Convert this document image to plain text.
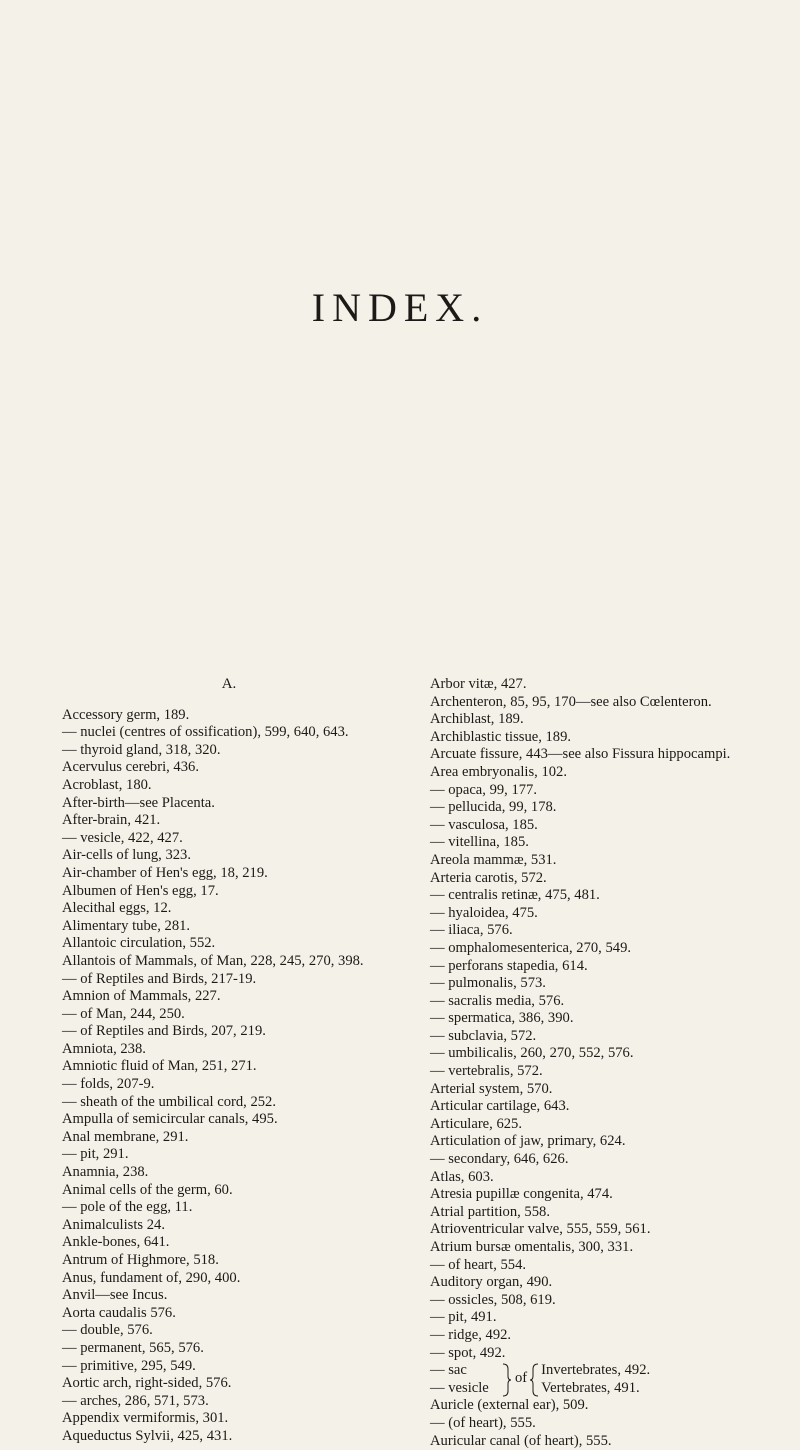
INDEX.

A.

Accessory germ, 189.

— nuclei (centres of ossification), 599, 640, 643.

— thyroid gland, 318, 320.

Acervulus cerebri, 436.

Acroblast, 180.

After-birth—see Placenta.

After-brain, 421.

— vesicle, 422, 427.

Air-cells of lung, 323.

Air-chamber of Hen's egg, 18, 219.

Albumen of Hen's egg, 17.

Alecithal eggs, 12.

Alimentary tube, 281.

Allantoic circulation, 552.

Allantois of Mammals, of Man, 228, 245, 270, 398.

— of Reptiles and Birds, 217-19.

Amnion of Mammals, 227.

— of Man, 244, 250.

— of Reptiles and Birds, 207, 219.

Amniota, 238.

Amniotic fluid of Man, 251, 271.

— folds, 207-9.

— sheath of the umbilical cord, 252.

Ampulla of semicircular canals, 495.

Anal membrane, 291.

— pit, 291.

Anamnia, 238.

Animal cells of the germ, 60.

— pole of the egg, 11.

Animalculists 24.

Ankle-bones, 641.

Antrum of Highmore, 518.

Anus, fundament of, 290, 400.

Anvil—see Incus.

Aorta caudalis 576.

— double, 576.

— permanent, 565, 576.

— primitive, 295, 549.

Aortic arch, right-sided, 576.

— arches, 286, 571, 573.

Appendix vermiformis, 301.

Aqueductus Sylvii, 425, 431.

Arbor vitæ, 427.

Archenteron, 85, 95, 170—see also Cœlenteron.

Archiblast, 189.

Archiblastic tissue, 189.

Arcuate fissure, 443—see also Fissura hippocampi.

Area embryonalis, 102.

— opaca, 99, 177.

— pellucida, 99, 178.

— vasculosa, 185.

— vitellina, 185.

Areola mammæ, 531.

Arteria carotis, 572.

— centralis retinæ, 475, 481.

— hyaloidea, 475.

— iliaca, 576.

— omphalomesenterica, 270, 549.

— perforans stapedia, 614.

— pulmonalis, 573.

— sacralis media, 576.

— spermatica, 386, 390.

— subclavia, 572.

— umbilicalis, 260, 270, 552, 576.

— vertebralis, 572.

Arterial system, 570.

Articular cartilage, 643.

Articulare, 625.

Articulation of jaw, primary, 624.

— secondary, 646, 626.

Atlas, 603.

Atresia pupillæ congenita, 474.

Atrial partition, 558.

Atrioventricular valve, 555, 559, 561.

Atrium bursæ omentalis, 300, 331.

— of heart, 554.

Auditory organ, 490.

— ossicles, 508, 619.

— pit, 491.

— ridge, 492.

— spot, 492.

— sac
— vesicle
of Invertebrates, 492.
Vertebrates, 491.

Auricle (external ear), 509.

— (of heart), 555.

Auricular canal (of heart), 555.
